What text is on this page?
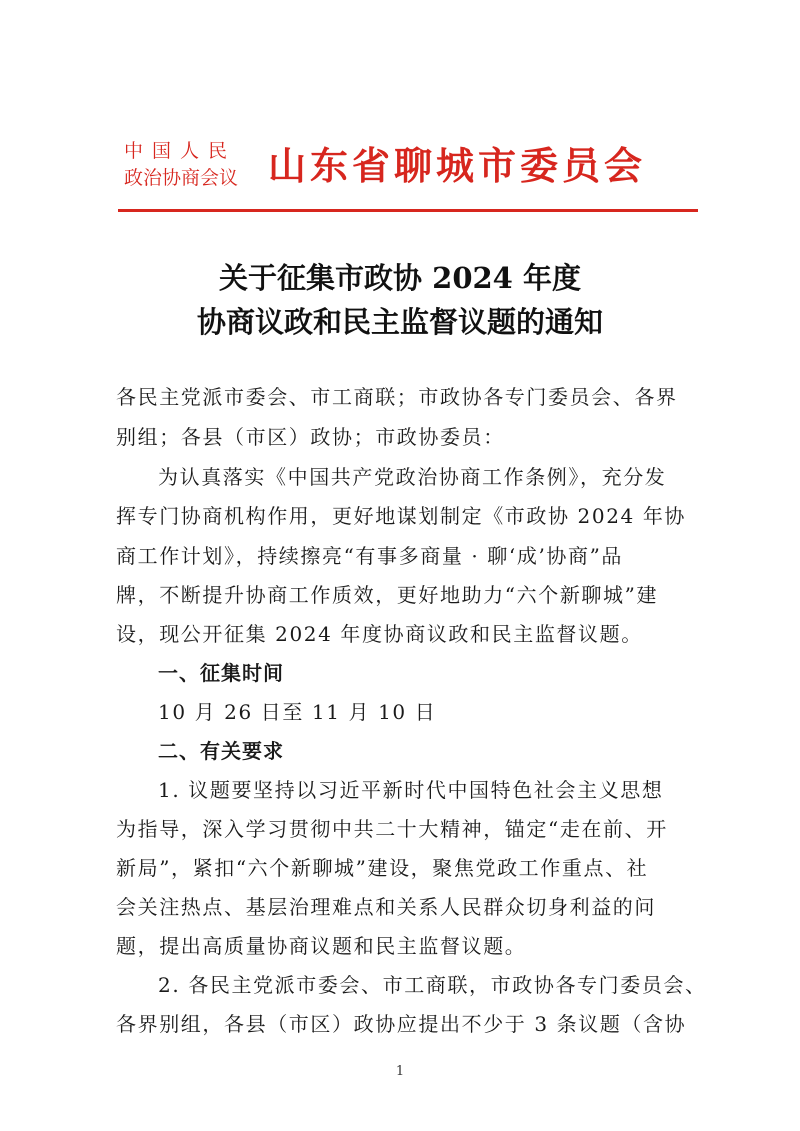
中国人民
政治协商会议 山东省聊城市委员会
关于征集市政协 2024 年度
协商议政和民主监督议题的通知
各民主党派市委会、市工商联；市政协各专门委员会、各界
别组；各县（市区）政协；市政协委员：
为认真落实《中国共产党政治协商工作条例》，充分发
挥专门协商机构作用，更好地谋划制定《市政协 2024 年协
商工作计划》，持续擦亮“有事多商量 · 聊‘成’协商”品
牌，不断提升协商工作质效，更好地助力“六个新聊城”建
设，现公开征集 2024 年度协商议政和民主监督议题。
一、征集时间
10 月 26 日至 11 月 10 日
二、有关要求
1. 议题要坚持以习近平新时代中国特色社会主义思想
为指导，深入学习贯彻中共二十大精神，锚定“走在前、开
新局”，紧扣“六个新聊城”建设，聚焦党政工作重点、社
会关注热点、基层治理难点和关系人民群众切身利益的问
题，提出高质量协商议题和民主监督议题。
2. 各民主党派市委会、市工商联，市政协各专门委员会、
各界别组，各县（市区）政协应提出不少于 3 条议题（含协
1
